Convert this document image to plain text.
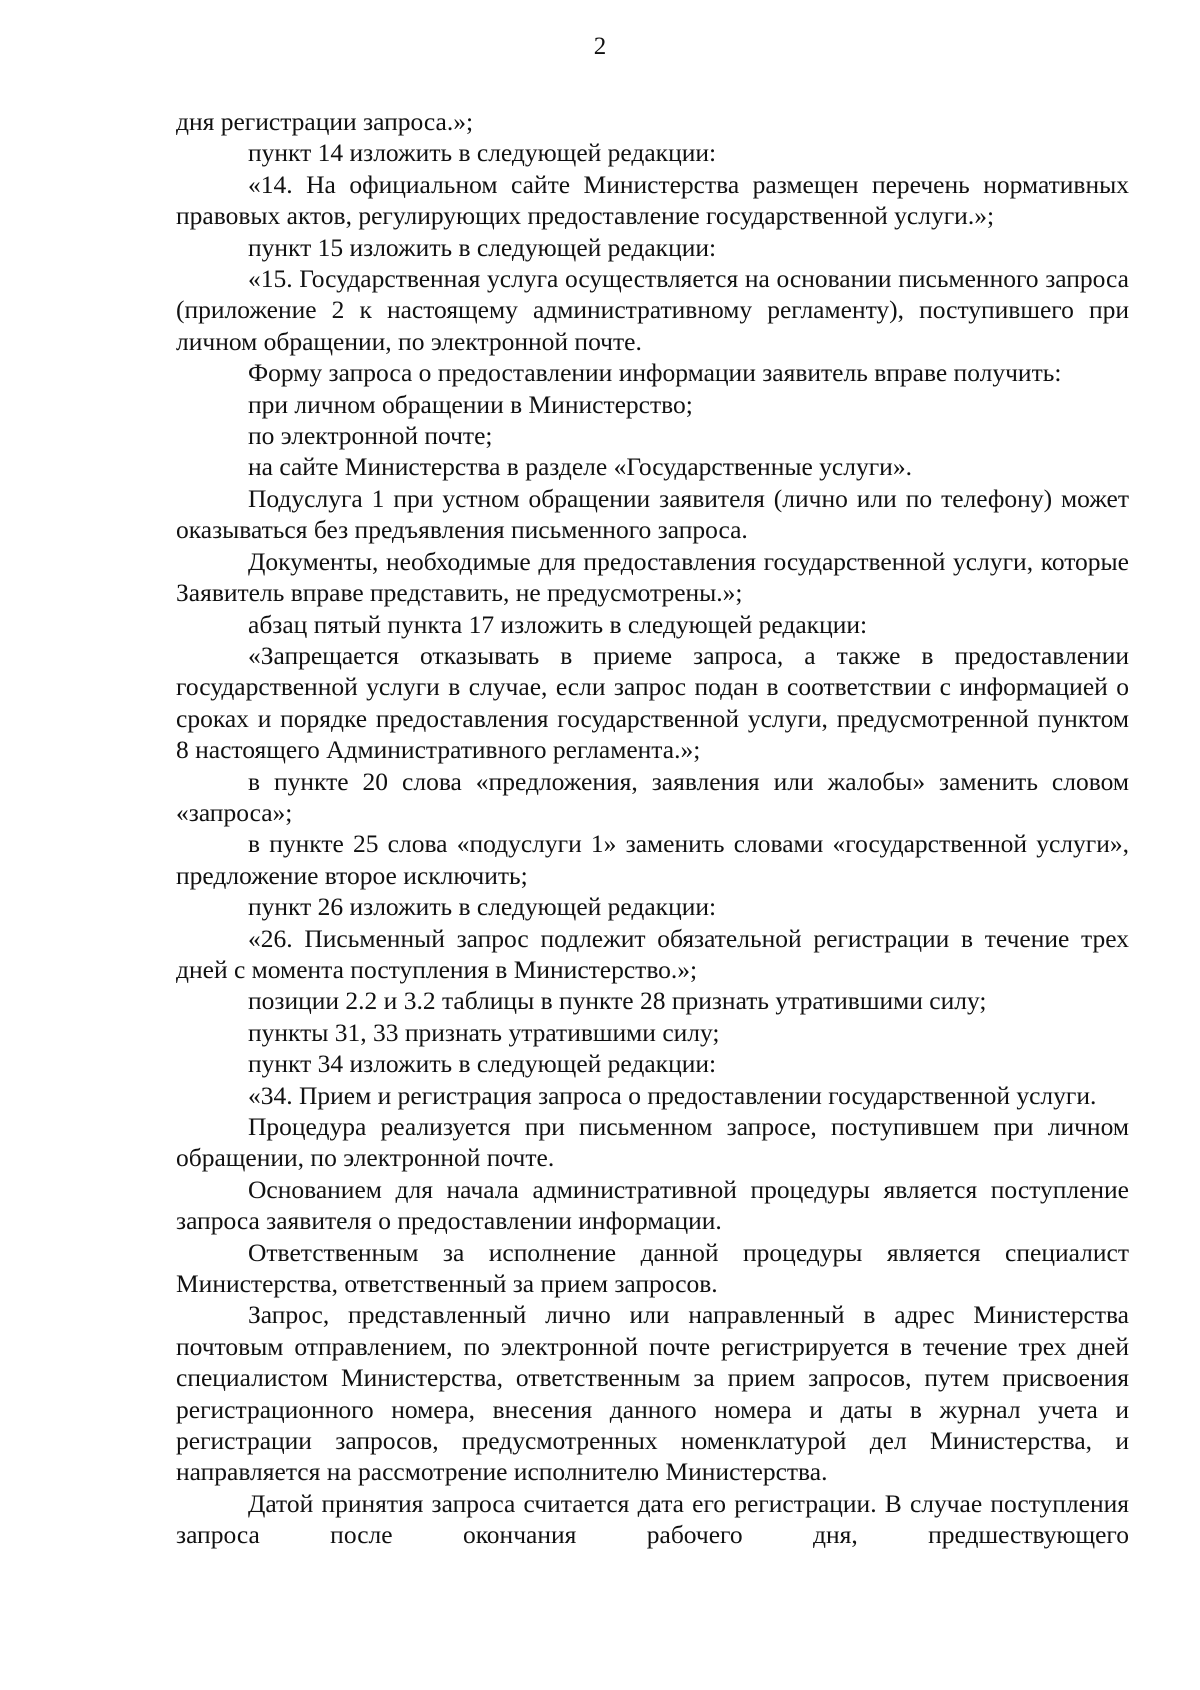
2

дня регистрации запроса.»;

пункт 14 изложить в следующей редакции:

«14. На официальном сайте Министерства размещен перечень нормативных правовых актов, регулирующих предоставление государственной услуги.»;

пункт 15 изложить в следующей редакции:

«15. Государственная услуга осуществляется на основании письменного запроса (приложение 2 к настоящему административному регламенту), поступившего при личном обращении, по электронной почте.

Форму запроса о предоставлении информации заявитель вправе получить:

при личном обращении в Министерство;

по электронной почте;

на сайте Министерства в разделе «Государственные услуги».

Подуслуга 1 при устном обращении заявителя (лично или по телефону) может оказываться без предъявления письменного запроса.

Документы, необходимые для предоставления государственной услуги, которые Заявитель вправе представить, не предусмотрены.»;

абзац пятый пункта 17 изложить в следующей редакции:

«Запрещается отказывать в приеме запроса, а также в предоставлении государственной услуги в случае, если запрос подан в соответствии с информацией о сроках и порядке предоставления государственной услуги, предусмотренной пунктом 8 настоящего Административного регламента.»;

в пункте 20 слова «предложения, заявления или жалобы» заменить словом «запроса»;

в пункте 25 слова «подуслуги 1» заменить словами «государственной услуги», предложение второе исключить;

пункт 26 изложить в следующей редакции:

«26. Письменный запрос подлежит обязательной регистрации в течение трех дней с момента поступления в Министерство.»;

позиции 2.2 и 3.2 таблицы в пункте 28 признать утратившими силу;

пункты 31, 33 признать утратившими силу;

пункт 34 изложить в следующей редакции:

«34. Прием и регистрация запроса о предоставлении государственной услуги.

Процедура реализуется при письменном запросе, поступившем при личном обращении, по электронной почте.

Основанием для начала административной процедуры является поступление запроса заявителя о предоставлении информации.

Ответственным за исполнение данной процедуры является специалист Министерства, ответственный за прием запросов.

Запрос, представленный лично или направленный в адрес Министерства почтовым отправлением, по электронной почте регистрируется в течение трех дней специалистом Министерства, ответственным за прием запросов, путем присвоения регистрационного номера, внесения данного номера и даты в журнал учета и регистрации запросов, предусмотренных номенклатурой дел Министерства, и направляется на рассмотрение исполнителю Министерства.

Датой принятия запроса считается дата его регистрации. В случае поступления запроса после окончания рабочего дня, предшествующего
